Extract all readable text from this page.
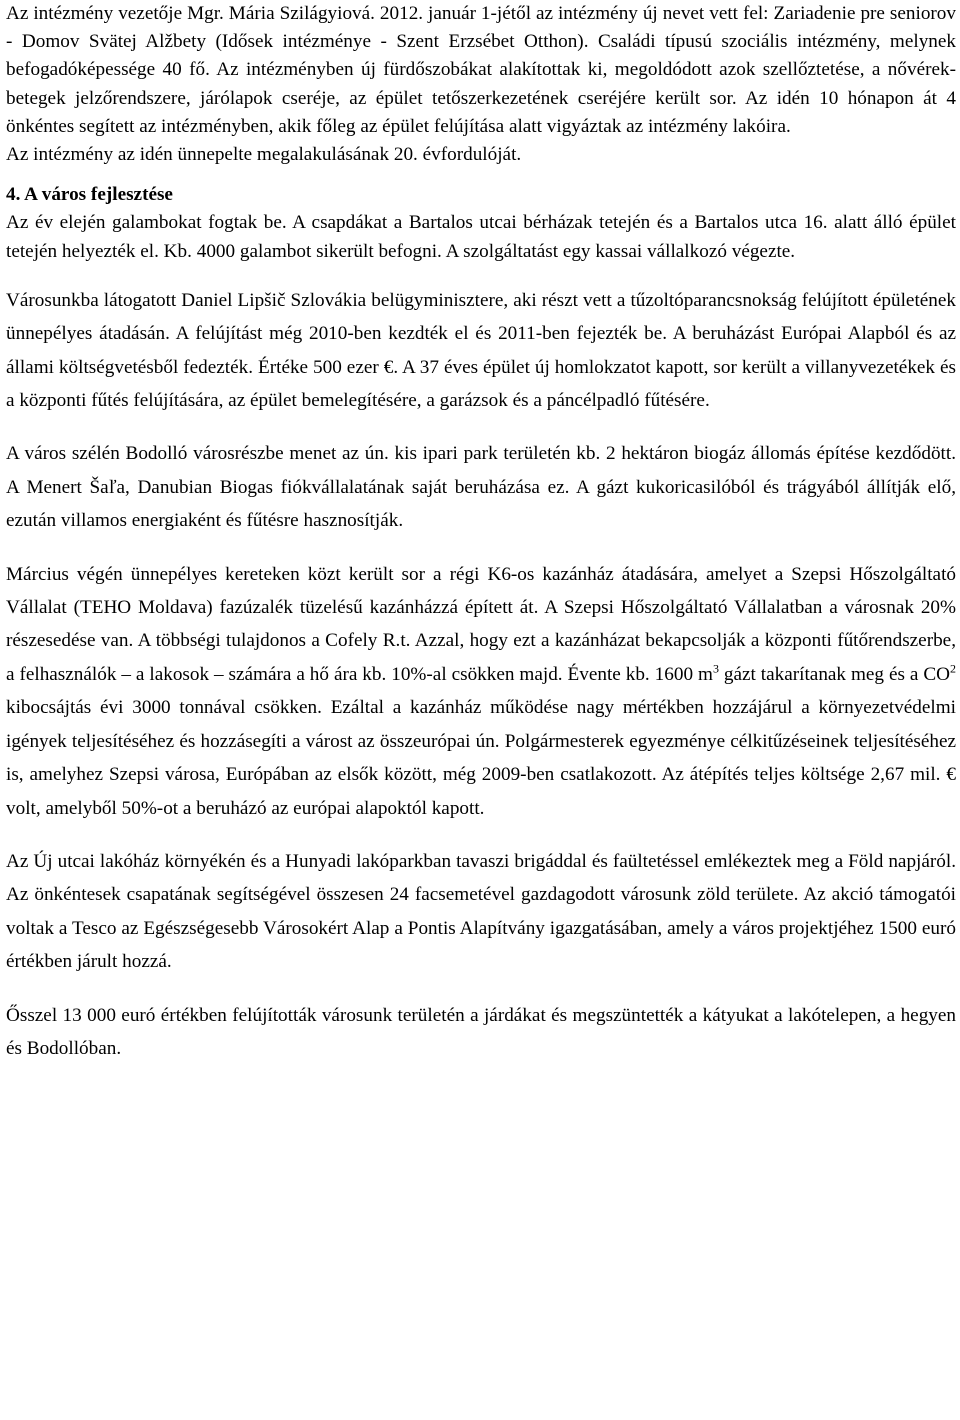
Az intézmény vezetője Mgr. Mária Szilágyiová. 2012. január 1-jétől az intézmény új nevet vett fel: Zariadenie pre seniorov - Domov Svätej Alžbety (Idősek intézménye - Szent Erzsébet Otthon). Családi típusú szociális intézmény, melynek befogadóképessége 40 fő. Az intézményben új fürdőszobákat alakítottak ki, megoldódott azok szellőztetése, a nővérek-betegek jelzőrendszere, járólapok cseréje, az épület tetőszerkezetének cseréjére került sor. Az idén 10 hónapon át 4 önkéntes segített az intézményben, akik főleg az épület felújítása alatt vigyáztak az intézmény lakóira.

Az intézmény az idén ünnepelte megalakulásának 20. évfordulóját.

4. A város fejlesztése

Az év elején galambokat fogtak be. A csapdákat a Bartalos utcai bérházak tetején és a Bartalos utca 16. alatt álló épület tetején helyezték el. Kb. 4000 galambot sikerült befogni. A szolgáltatást egy kassai vállalkozó végezte.

Városunkba látogatott Daniel Lipšič Szlovákia belügyminisztere, aki részt vett a tűzoltóparancsnokság felújított épületének ünnepélyes átadásán. A felújítást még 2010-ben kezdték el és 2011-ben fejezték be. A beruházást Európai Alapból és az állami költségvetésből fedezték. Értéke 500 ezer €. A 37 éves épület új homlokzatot kapott, sor került a villanyvezetékek és a központi fűtés felújítására, az épület bemelegítésére, a garázsok és a páncélpadló fűtésére.

A város szélén Bodolló városrészbe menet az ún. kis ipari park területén kb. 2 hektáron biogáz állomás építése kezdődött. A Menert Šaľa, Danubian Biogas fiókvállalatának saját beruházása ez. A gázt kukoricasilóból és trágyából állítják elő, ezután villamos energiaként és fűtésre hasznosítják.

Március végén ünnepélyes kereteken közt került sor a régi K6-os kazánház átadására, amelyet a Szepsi Hőszolgáltató Vállalat (TEHO Moldava) fazúzalék tüzelésű kazánházzá épített át. A Szepsi Hőszolgáltató Vállalatban a városnak 20% részesedése van. A többségi tulajdonos a Cofely R.t. Azzal, hogy ezt a kazánházat bekapcsolják a központi fűtőrendszerbe, a felhasználók – a lakosok – számára a hő ára kb. 10%-al csökken majd. Évente kb. 1600 $m^3$ gázt takarítanak meg és a $CO^2$ kibocsájtás évi 3000 tonnával csökken. Ezáltal a kazánház működése nagy mértékben hozzájárul a környezetvédelmi igények teljesítéséhez és hozzásegíti a várost az összeurópai ún. Polgármesterek egyezménye célkitűzéseinek teljesítéséhez is, amelyhez Szepsi városa, Európában az elsők között, még 2009-ben csatlakozott. Az átépítés teljes költsége 2,67 mil. € volt, amelyből 50%-ot a beruházó az európai alapoktól kapott.

Az Új utcai lakóház környékén és a Hunyadi lakóparkban tavaszi brigáddal és faültetéssel emlékeztek meg a Föld napjáról. Az önkéntesek csapatának segítségével összesen 24 facsemetével gazdagodott városunk zöld területe. Az akció támogatói voltak a Tesco az Egészségesebb Városokért Alap a Pontis Alapítvány igazgatásában, amely a város projektjéhez 1500 euró értékben járult hozzá.

Ősszel 13 000 euró értékben felújították városunk területén a járdákat és megszüntették a kátyukat a lakótelepen, a hegyen és Bodollóban.
